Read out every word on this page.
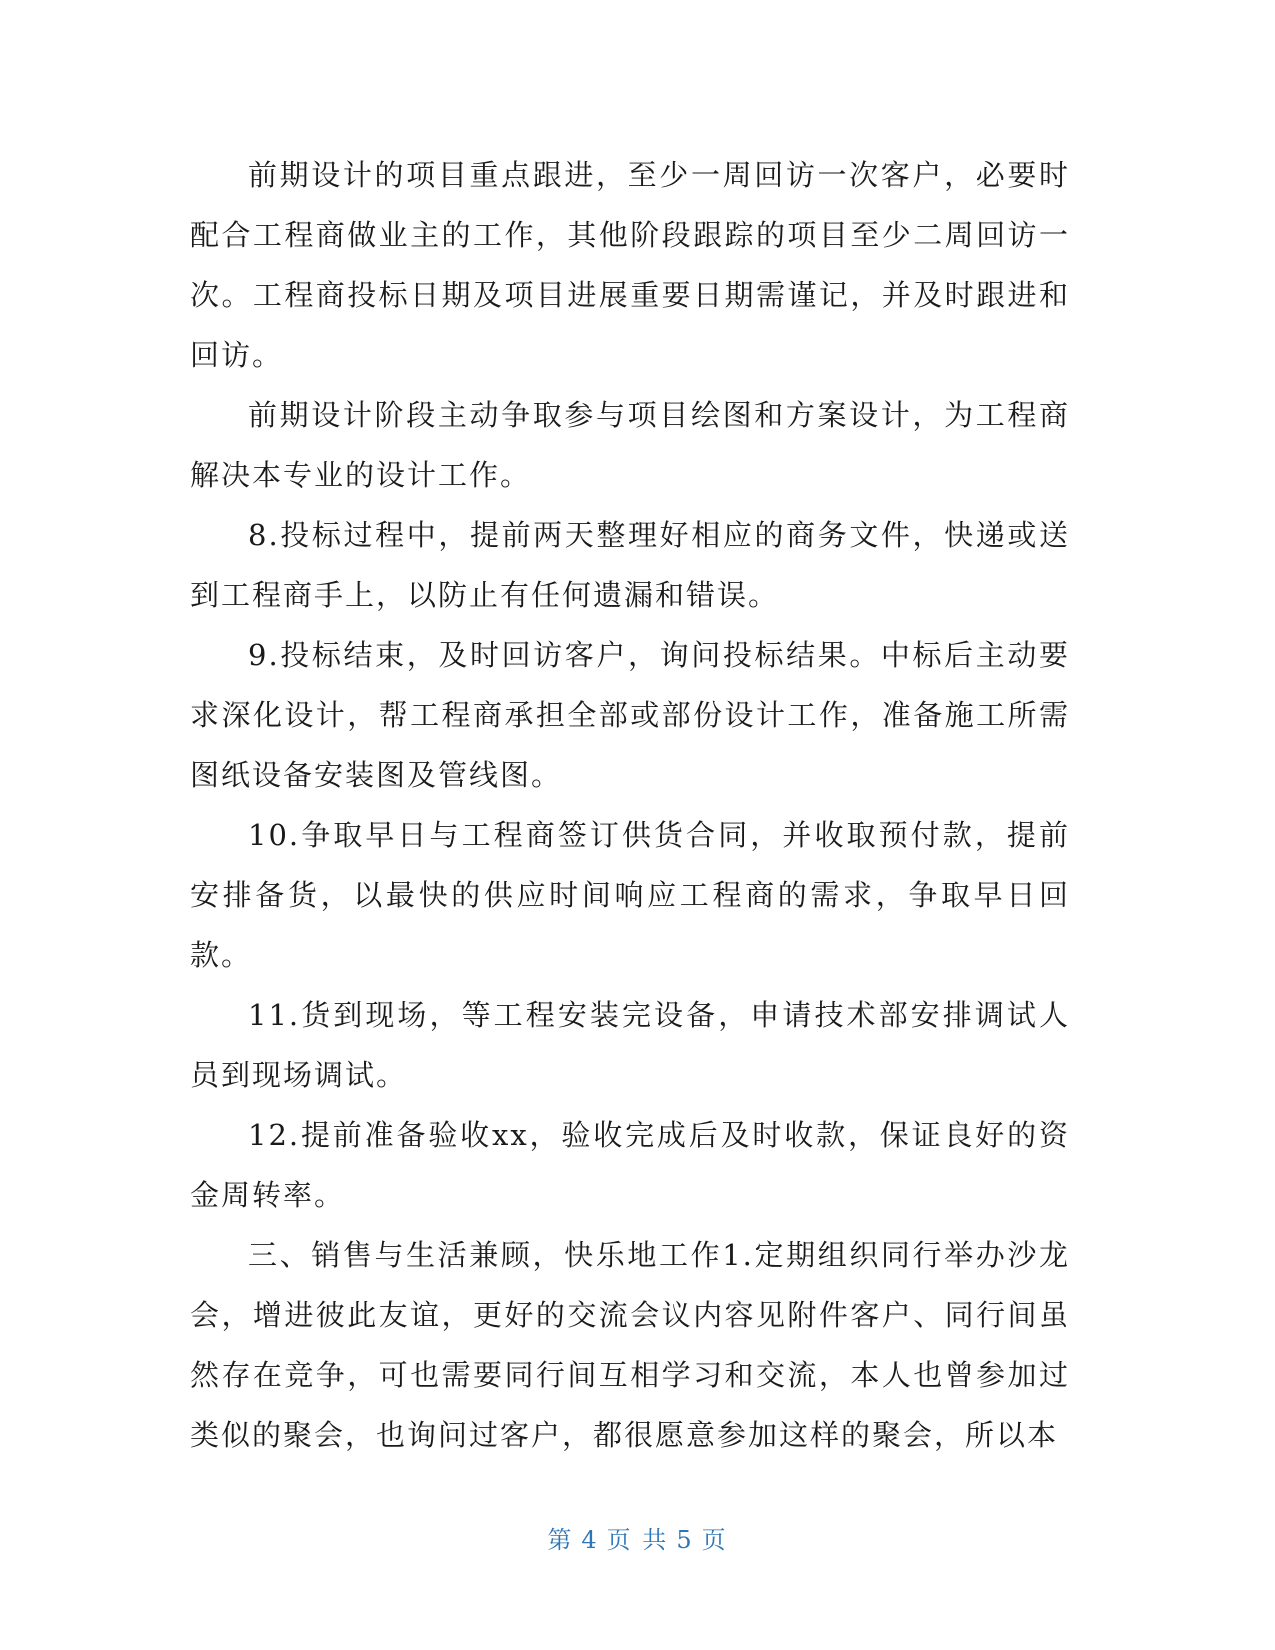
前期设计的项目重点跟进，至少一周回访一次客户，必要时配合工程商做业主的工作，其他阶段跟踪的项目至少二周回访一次。工程商投标日期及项目进展重要日期需谨记，并及时跟进和回访。

前期设计阶段主动争取参与项目绘图和方案设计，为工程商解决本专业的设计工作。

8.投标过程中，提前两天整理好相应的商务文件，快递或送到工程商手上，以防止有任何遗漏和错误。

9.投标结束，及时回访客户，询问投标结果。中标后主动要求深化设计，帮工程商承担全部或部份设计工作，准备施工所需图纸设备安装图及管线图。

10.争取早日与工程商签订供货合同，并收取预付款，提前安排备货，以最快的供应时间响应工程商的需求，争取早日回款。

11.货到现场，等工程安装完设备，申请技术部安排调试人员到现场调试。

12.提前准备验收xx，验收完成后及时收款，保证良好的资金周转率。

三、销售与生活兼顾，快乐地工作1.定期组织同行举办沙龙会，增进彼此友谊，更好的交流会议内容见附件客户、同行间虽然存在竞争，可也需要同行间互相学习和交流，本人也曾参加过类似的聚会，也询问过客户，都很愿意参加这样的聚会，所以本

第 4 页 共 5 页
